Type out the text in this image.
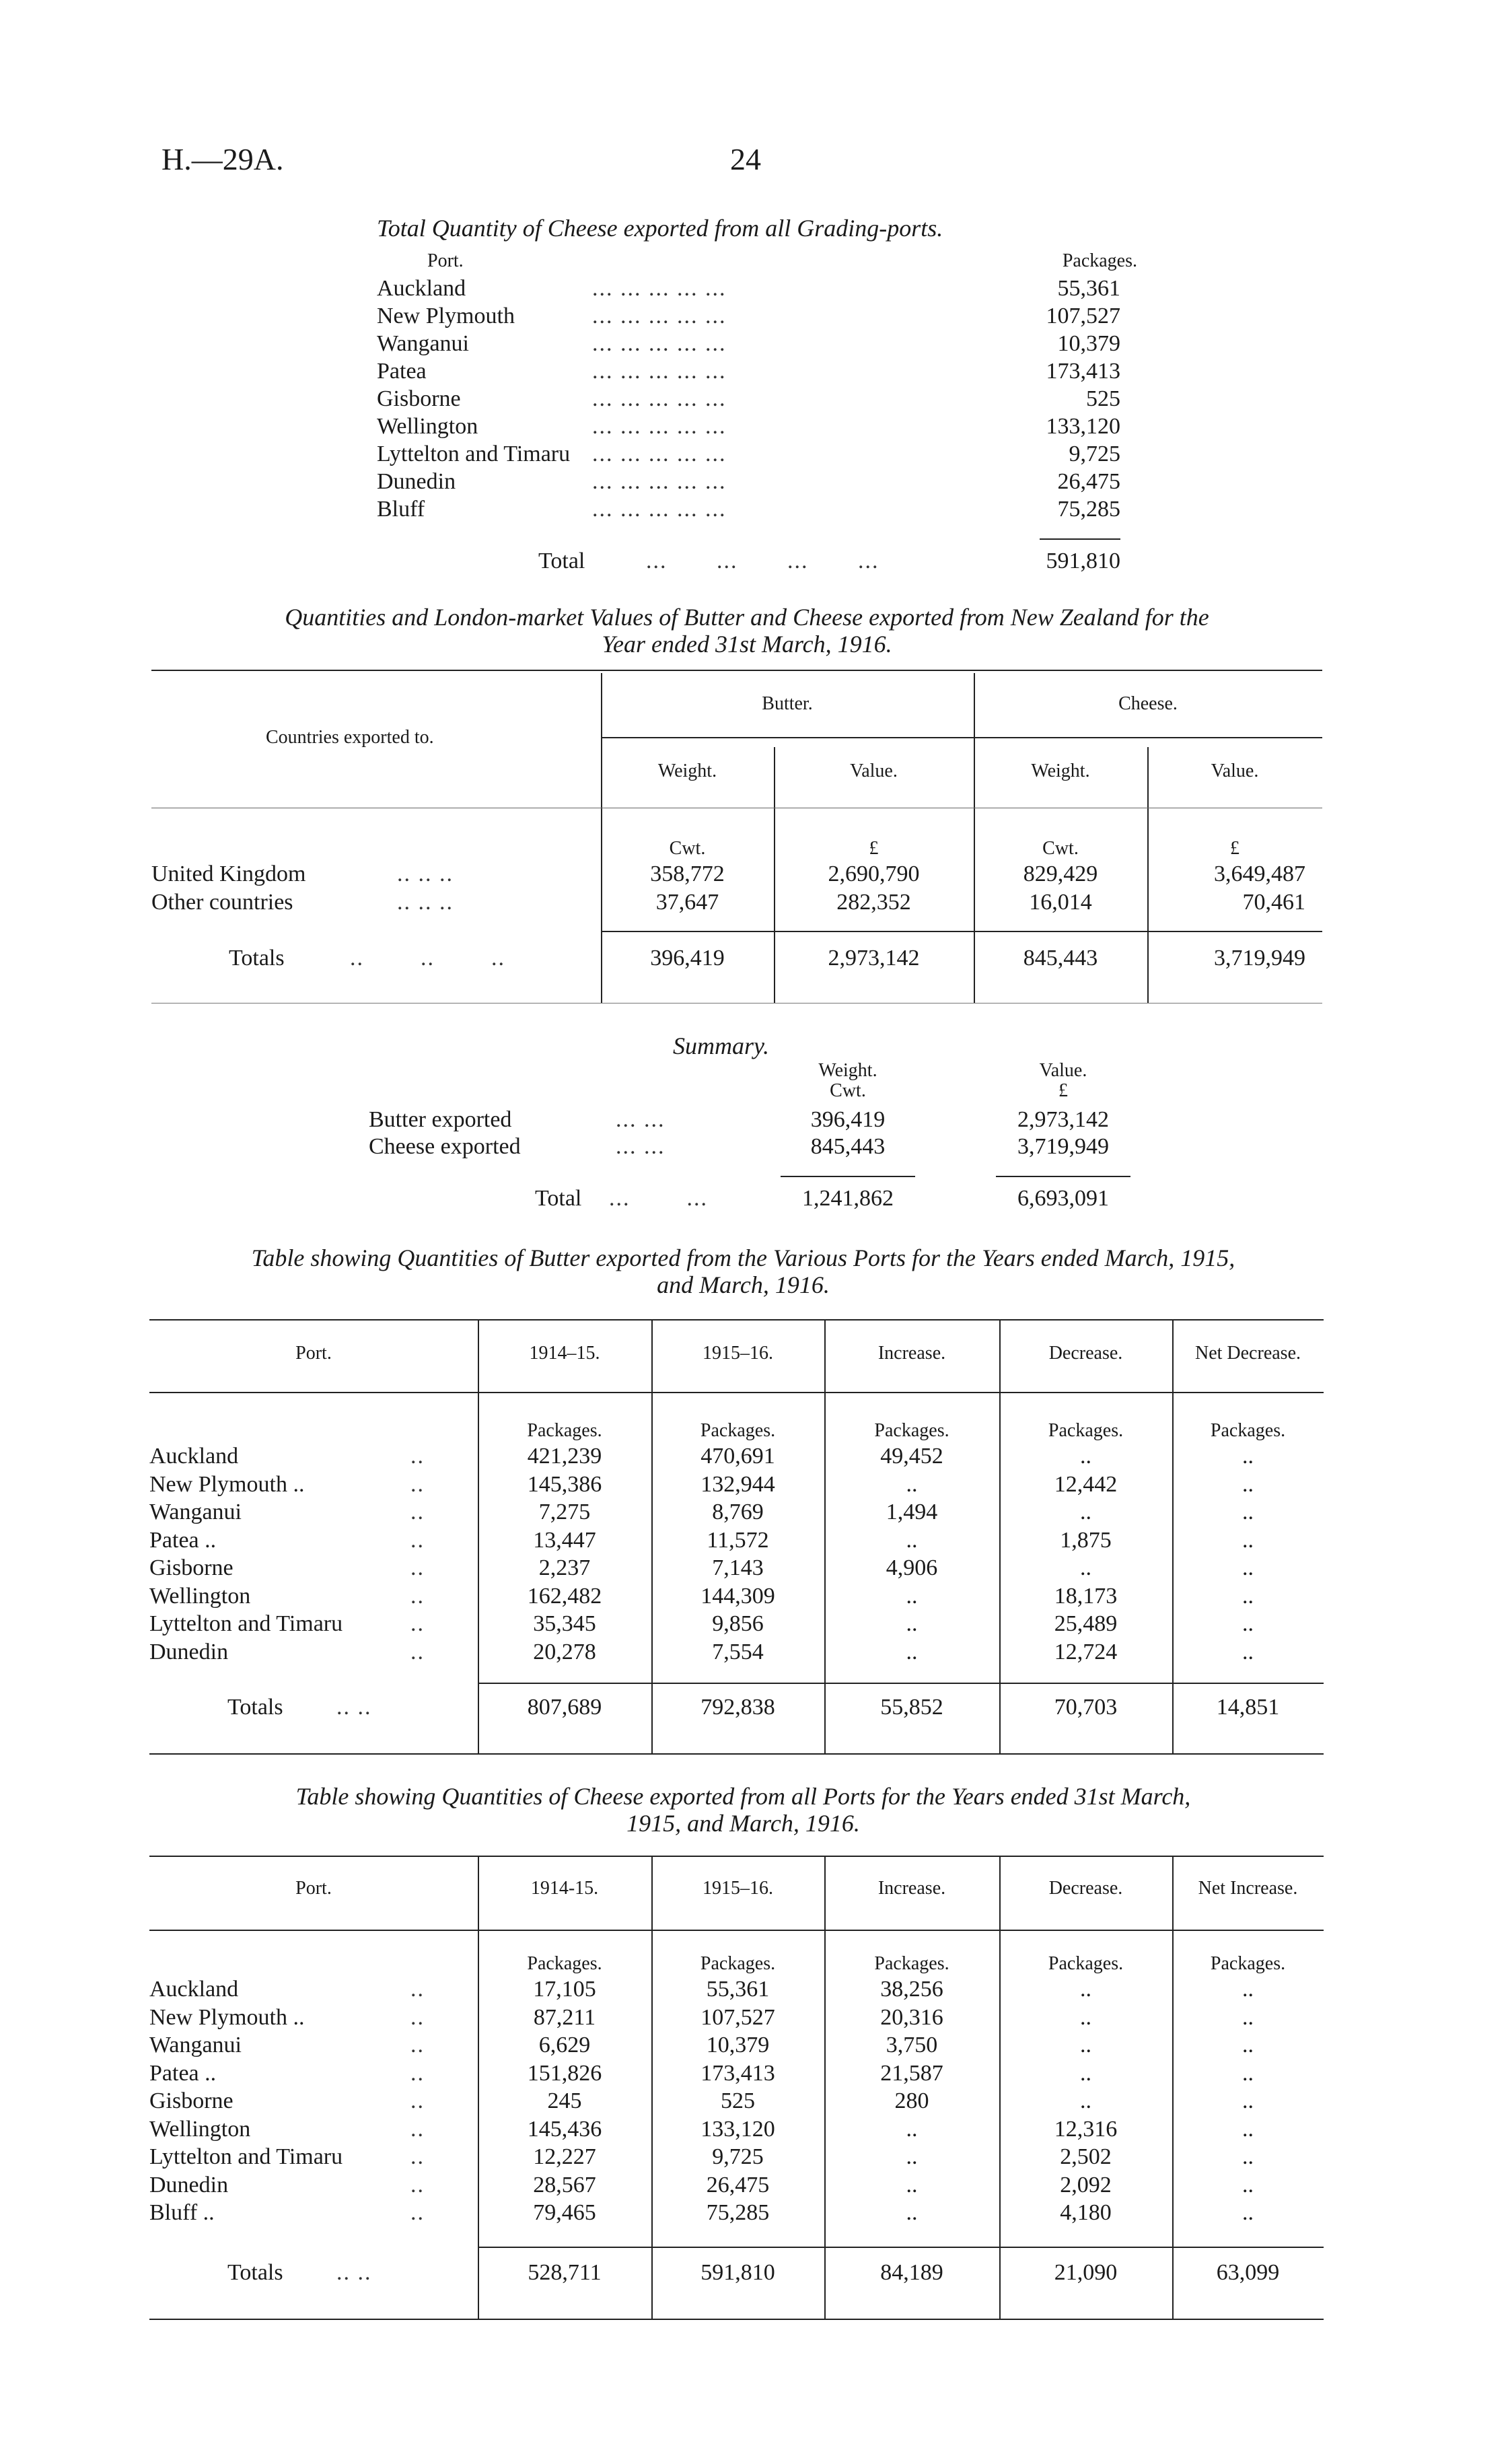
H.—29A.	24
Total Quantity of Cheese exported from all Grading-ports.
Port.	Packages.
Auckland	... ... ... ... ...	55,361
New Plymouth	... ... ... ... ...	107,527
Wanganui	... ... ... ... ...	10,379
Patea	... ... ... ... ...	173,413
Gisborne	... ... ... ... ...	525
Wellington	... ... ... ... ...	133,120
Lyttelton and Timaru ... ... ... ... ...	9,725
Dunedin	... ... ... ... ...	26,475
Bluff	... ... ... ... ...	75,285
Total	...       ...       ...       ...	591,810
Quantities and London-market Values of Butter and Cheese exported from New Zealand for the
Year ended 31st March, 1916.
Countries exported to.
Butter.	Cheese.
Weight.	Value.	Weight.	Value.
Cwt.	£	Cwt.	£
United Kingdom	.. .. ..	358,772	2,690,790	829,429	3,649,487
Other countries	.. .. ..	37,647	282,352	16,014	70,461
Totals	..        ..        ..	396,419	2,973,142	845,443	3,719,949
Summary.
Weight.	Value.
Cwt.	£
Butter exported	... ...	396,419	2,973,142
Cheese exported	... ...	845,443	3,719,949
Total ...        ...	1,241,862	6,693,091
Table showing Quantities of Butter exported from the Various Ports for the Years ended March, 1915,
and March, 1916.
Port.	1914–15.	1915–16.	Increase.	Decrease.	Net Decrease.
Packages.	Packages.	Packages.	Packages.	Packages.
Auckland	..	421,239	470,691	49,452	..	..
New Plymouth ..	..	145,386	132,944	..	12,442	..
Wanganui	..	7,275	8,769	1,494	..	..
Patea ..	..	13,447	11,572	..	1,875	..
Gisborne	..	2,237	7,143	4,906	..	..
Wellington	..	162,482	144,309	..	18,173	..
Lyttelton and Timaru	..	35,345	9,856	..	25,489	..
Dunedin	..	20,278	7,554	..	12,724	..
Totals .. ..	807,689	792,838	55,852	70,703	14,851
Table showing Quantities of Cheese exported from all Ports for the Years ended 31st March,
1915, and March, 1916.
Port.	1914-15.	1915–16.	Increase.	Decrease.	Net Increase.
Packages.	Packages.	Packages.	Packages.	Packages.
Auckland	..	17,105	55,361	38,256	..	..
New Plymouth ..	..	87,211	107,527	20,316	..	..
Wanganui	..	6,629	10,379	3,750	..	..
Patea ..	..	151,826	173,413	21,587	..	..
Gisborne	..	245	525	280	..	..
Wellington	..	145,436	133,120	..	12,316	..
Lyttelton and Timaru	..	12,227	9,725	..	2,502	..
Dunedin	..	28,567	26,475	..	2,092	..
Bluff ..	..	79,465	75,285	..	4,180	..
Totals .. ..	528,711	591,810	84,189	21,090	63,099
